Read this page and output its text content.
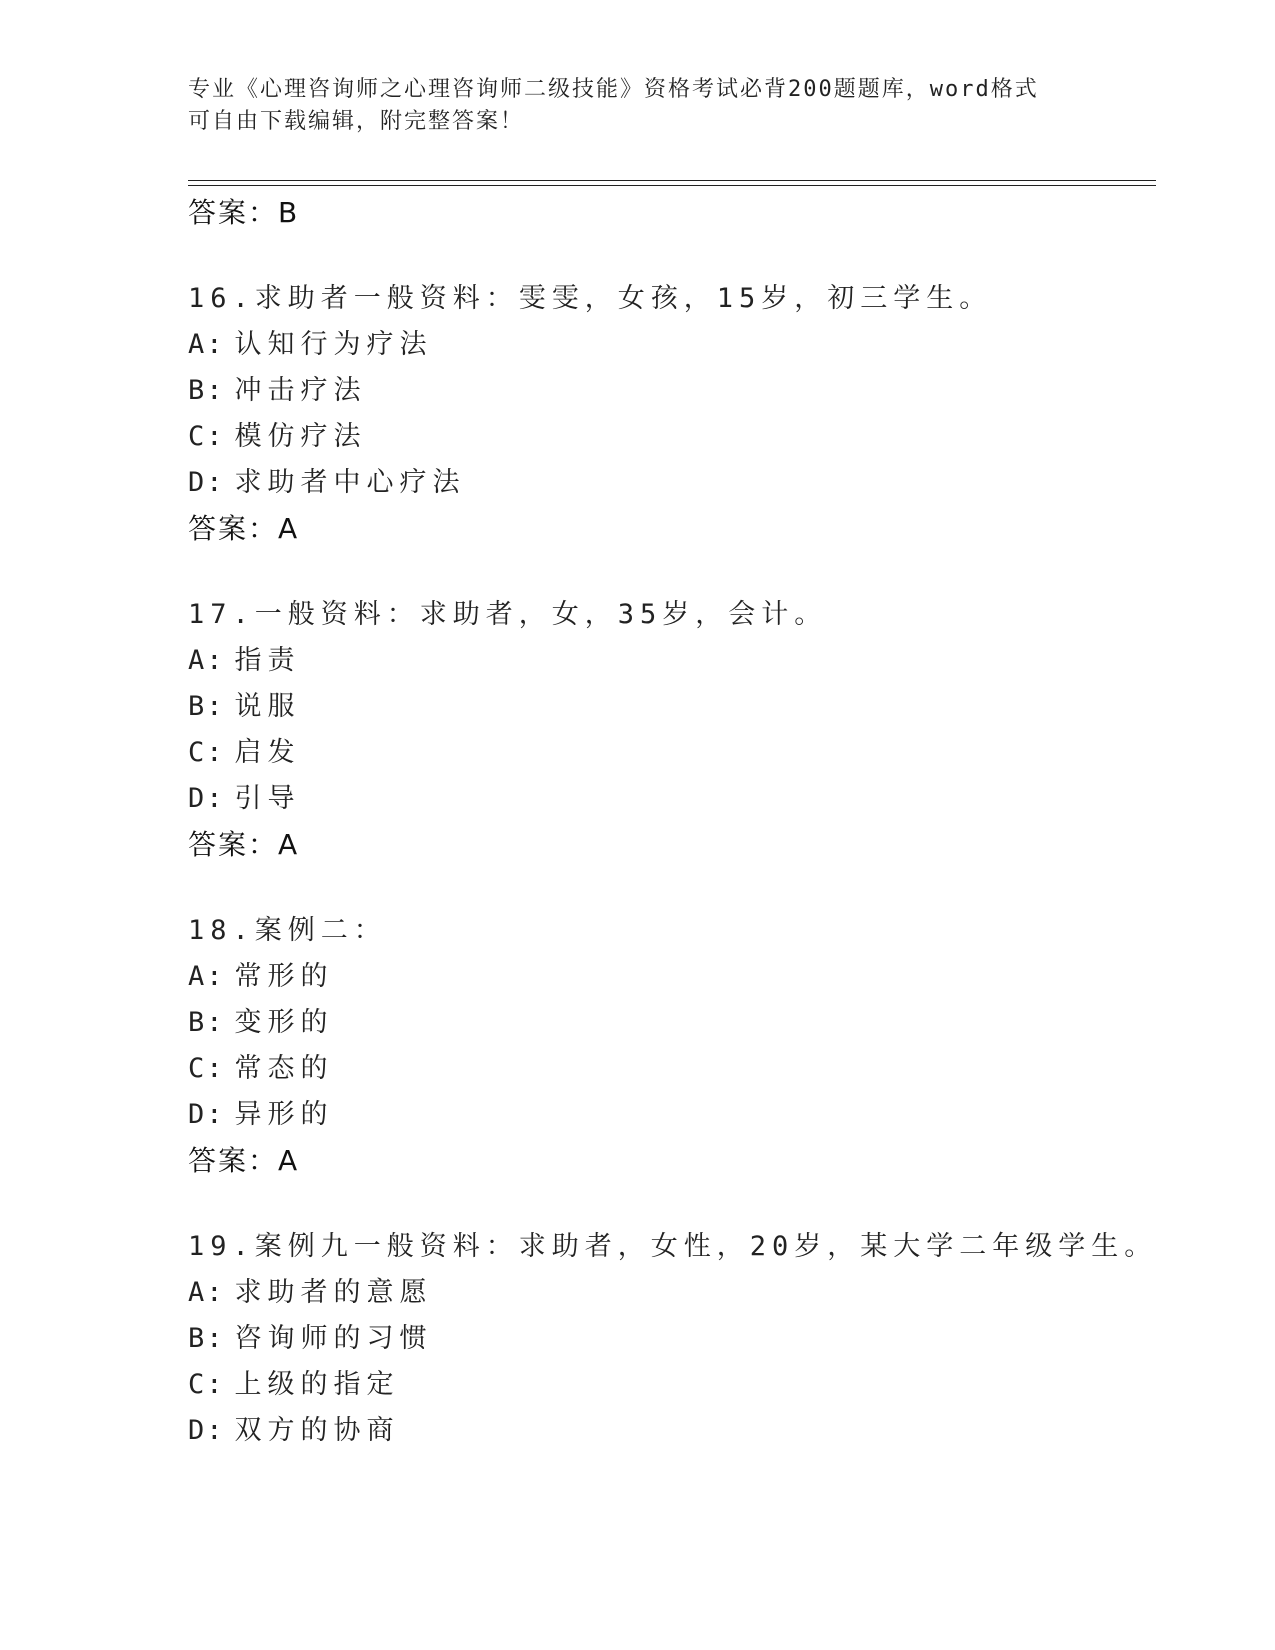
专业《心理咨询师之心理咨询师二级技能》资格考试必背200题题库，word格式
可自由下载编辑，附完整答案！
答案：B
16.求助者一般资料：雯雯，女孩，15岁，初三学生。
A: 认知行为疗法
B: 冲击疗法
C: 模仿疗法
D: 求助者中心疗法
答案：A
17.一般资料：求助者，女，35岁，会计。
A: 指责
B: 说服
C: 启发
D: 引导
答案：A
18.案例二：
A: 常形的
B: 变形的
C: 常态的
D: 异形的
答案：A
19.案例九一般资料：求助者，女性，20岁，某大学二年级学生。
A: 求助者的意愿
B: 咨询师的习惯
C: 上级的指定
D: 双方的协商
